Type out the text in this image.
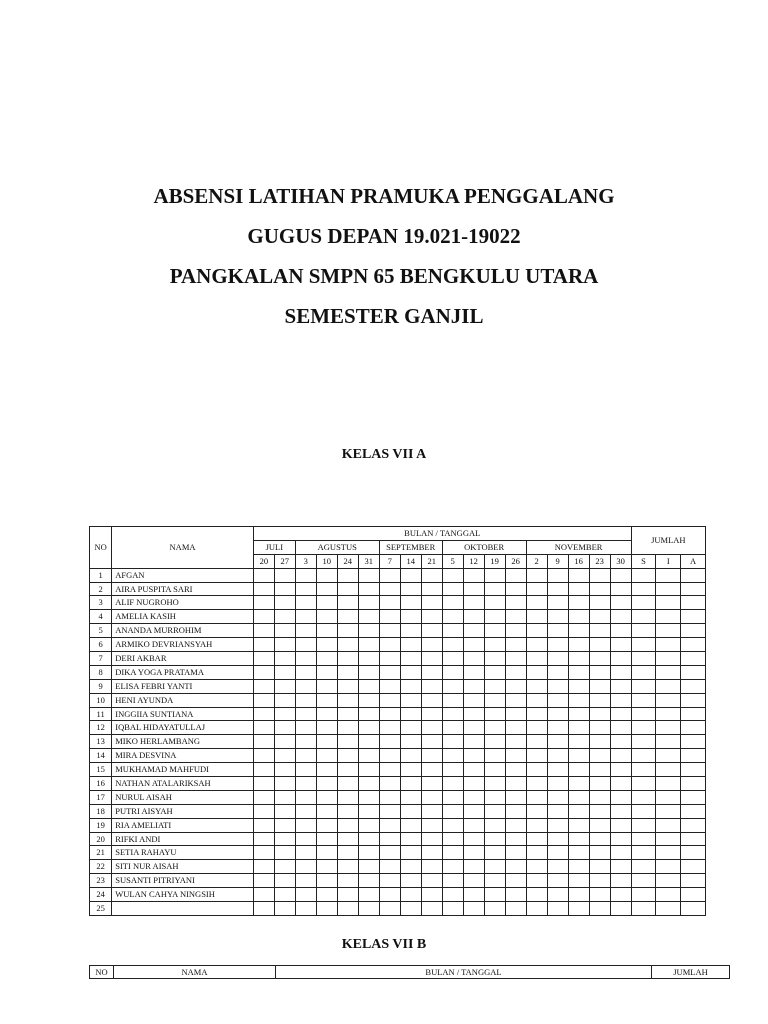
ABSENSI LATIHAN PRAMUKA PENGGALANG
GUGUS DEPAN 19.021-19022
PANGKALAN SMPN 65 BENGKULU UTARA
SEMESTER GANJIL
KELAS VII A
NO	NAMA	BULAN / TANGGAL																		JUMLAH		
		JULI		AGUSTUS				SEPTEMBER			OKTOBER				NOVEMBER							
		20	27	3	10	24	31	7	14	21	5	12	19	26	2	9	16	23	30	S	I	A
1	AFGAN																					
2	AIRA PUSPITA SARI																					
3	ALIF NUGROHO																					
4	AMELIA KASIH																					
5	ANANDA MURROHIM																					
6	ARMIKO DEVRIANSYAH																					
7	DERI AKBAR																					
8	DIKA YOGA PRATAMA																					
9	ELISA FEBRI YANTI																					
10	HENI AYUNDA																					
11	INGGIIA SUNTIANA																					
12	IQBAL HIDAYATULLAJ																					
13	MIKO HERLAMBANG																					
14	MIRA DESVINA																					
15	MUKHAMAD MAHFUDI																					
16	NATHAN ATALARIKSAH																					
17	NURUL AISAH																					
18	PUTRI AISYAH																					
19	RIA AMELIATI																					
20	RIFKI ANDI																					
21	SETIA RAHAYU																					
22	SITI NUR AISAH																					
23	SUSANTI PITRIYANI																					
24	WULAN CAHYA NINGSIH																					
25																						
KELAS VII B
NO	NAMA	BULAN / TANGGAL	JUMLAH
